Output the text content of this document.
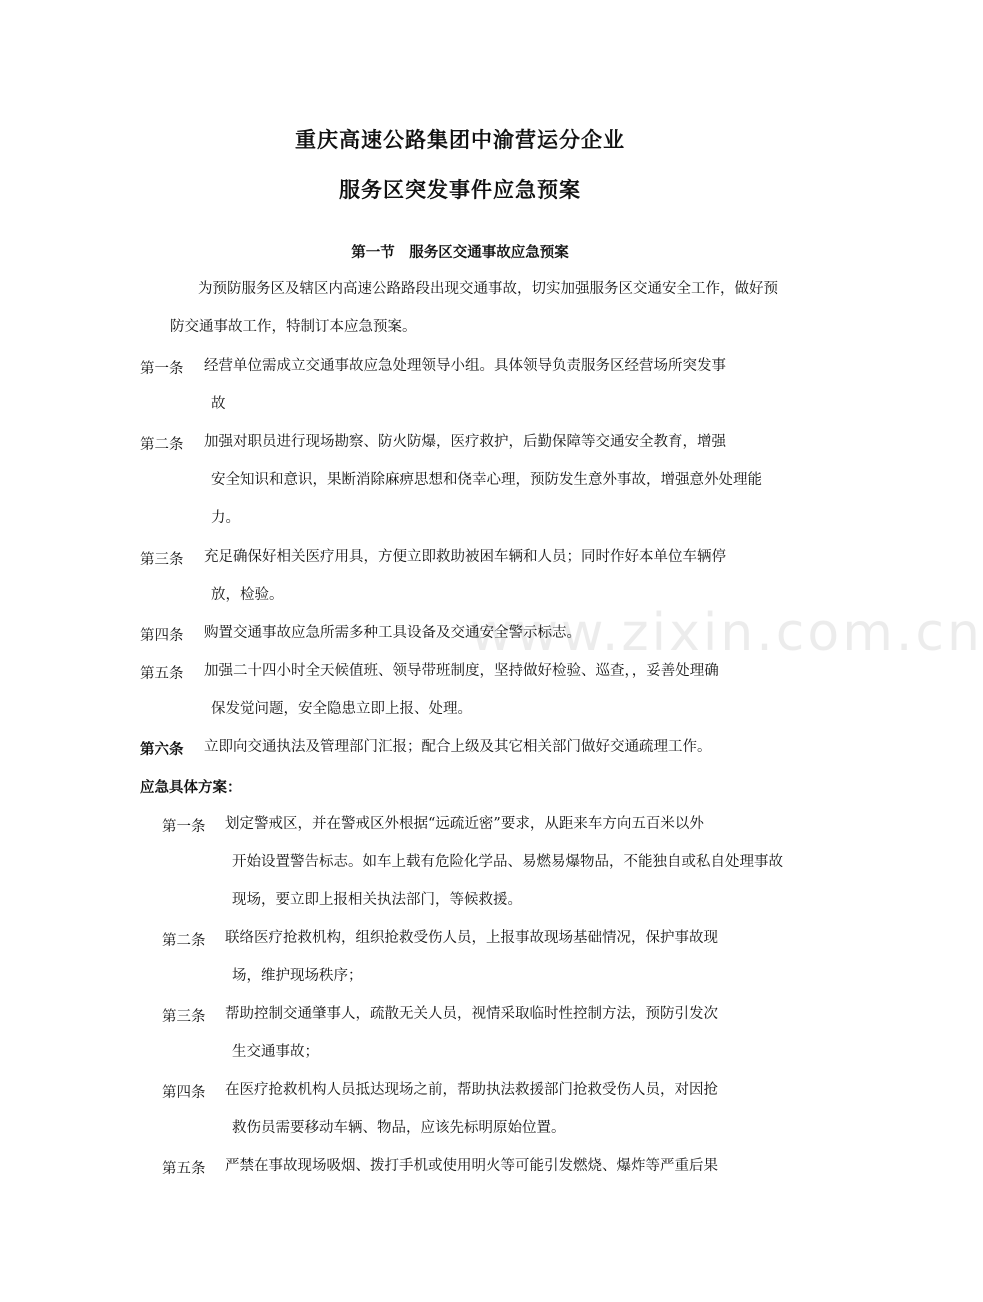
重庆高速公路集团中渝营运分企业
服务区突发事件应急预案
第一节　服务区交通事故应急预案
为预防服务区及辖区内高速公路路段出现交通事故，切实加强服务区交通安全工作，做好预防交通事故工作，特制订本应急预案。
第一条 经营单位需成立交通事故应急处理领导小组。具体领导负责服务区经营场所突发事
故
第二条 加强对职员进行现场勘察、防火防爆，医疗救护，后勤保障等交通安全教育，增强
安全知识和意识，果断消除麻痹思想和侥幸心理，预防发生意外事故，增强意外处理能力。
第三条 充足确保好相关医疗用具，方便立即救助被困车辆和人员；同时作好本单位车辆停
放，检验。
第四条 购置交通事故应急所需多种工具设备及交通安全警示标志。
第五条 加强二十四小时全天候值班、领导带班制度，坚持做好检验、巡查，，妥善处理确
保发觉问题，安全隐患立即上报、处理。
第六条 立即向交通执法及管理部门汇报；配合上级及其它相关部门做好交通疏理工作。
应急具体方案：
第一条 划定警戒区，并在警戒区外根据“远疏近密”要求，从距来车方向五百米以外
开始设置警告标志。如车上载有危险化学品、易燃易爆物品，不能独自或私自处理事故现场，要立即上报相关执法部门，等候救援。
第二条 联络医疗抢救机构，组织抢救受伤人员，上报事故现场基础情况，保护事故现
场，维护现场秩序；
第三条 帮助控制交通肇事人，疏散无关人员，视情采取临时性控制方法，预防引发次
生交通事故；
第四条 在医疗抢救机构人员抵达现场之前，帮助执法救援部门抢救受伤人员，对因抢
救伤员需要移动车辆、物品，应该先标明原始位置。
第五条 严禁在事故现场吸烟、拨打手机或使用明火等可能引发燃烧、爆炸等严重后果
www.zixin.com.cn
